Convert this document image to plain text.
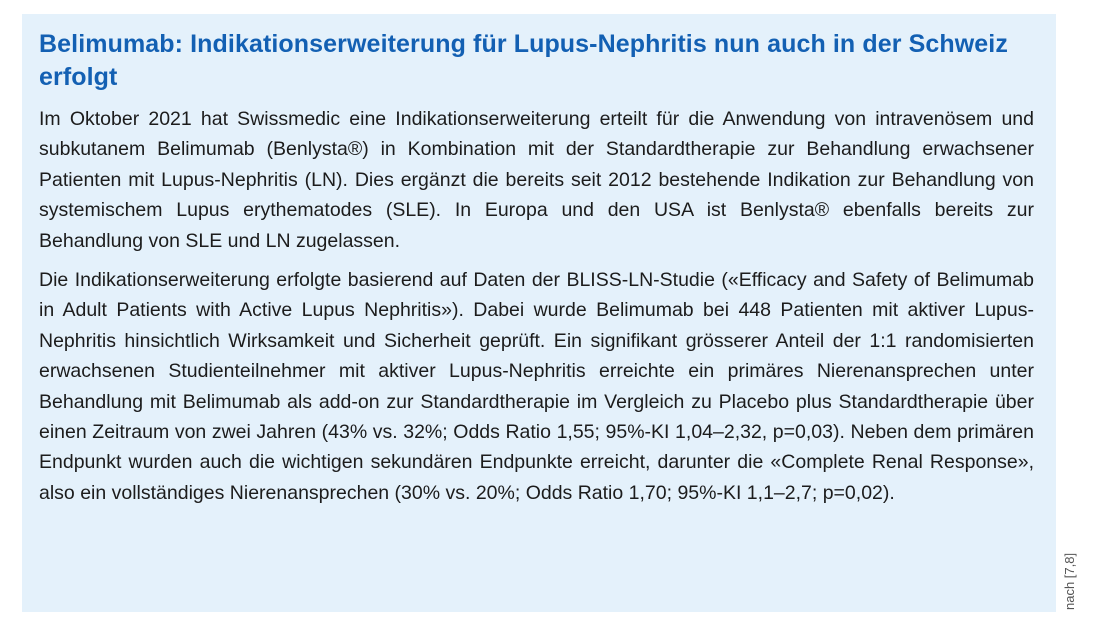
Belimumab: Indikationserweiterung für Lupus-Nephritis nun auch in der Schweiz erfolgt

Im Oktober 2021 hat Swissmedic eine Indikationserweiterung erteilt für die Anwendung von intravenösem und subkutanem Belimumab (Benlysta®) in Kombination mit der Standardtherapie zur Behandlung erwachsener Patienten mit Lupus-Nephritis (LN). Dies ergänzt die bereits seit 2012 bestehende Indikation zur Behandlung von systemischem Lupus erythematodes (SLE). In Europa und den USA ist Benlysta® ebenfalls bereits zur Behandlung von SLE und LN zugelassen.

Die Indikationserweiterung erfolgte basierend auf Daten der BLISS-LN-Studie («Efficacy and Safety of Belimumab in Adult Patients with Active Lupus Nephritis»). Dabei wurde Belimumab bei 448 Patienten mit aktiver Lupus-Nephritis hinsichtlich Wirksamkeit und Sicherheit geprüft. Ein signifikant grösserer Anteil der 1:1 randomisierten erwachsenen Studienteilnehmer mit aktiver Lupus-Nephritis erreichte ein primäres Nierenansprechen unter Behandlung mit Belimumab als add-on zur Standardtherapie im Vergleich zu Placebo plus Standardtherapie über einen Zeitraum von zwei Jahren (43% vs. 32%; Odds Ratio 1,55; 95%-KI 1,04–2,32, p=0,03). Neben dem primären Endpunkt wurden auch die wichtigen sekundären Endpunkte erreicht, darunter die «Complete Renal Response», also ein vollständiges Nierenansprechen (30% vs. 20%; Odds Ratio 1,70; 95%-KI 1,1–2,7; p=0,02).

nach [7,8]
